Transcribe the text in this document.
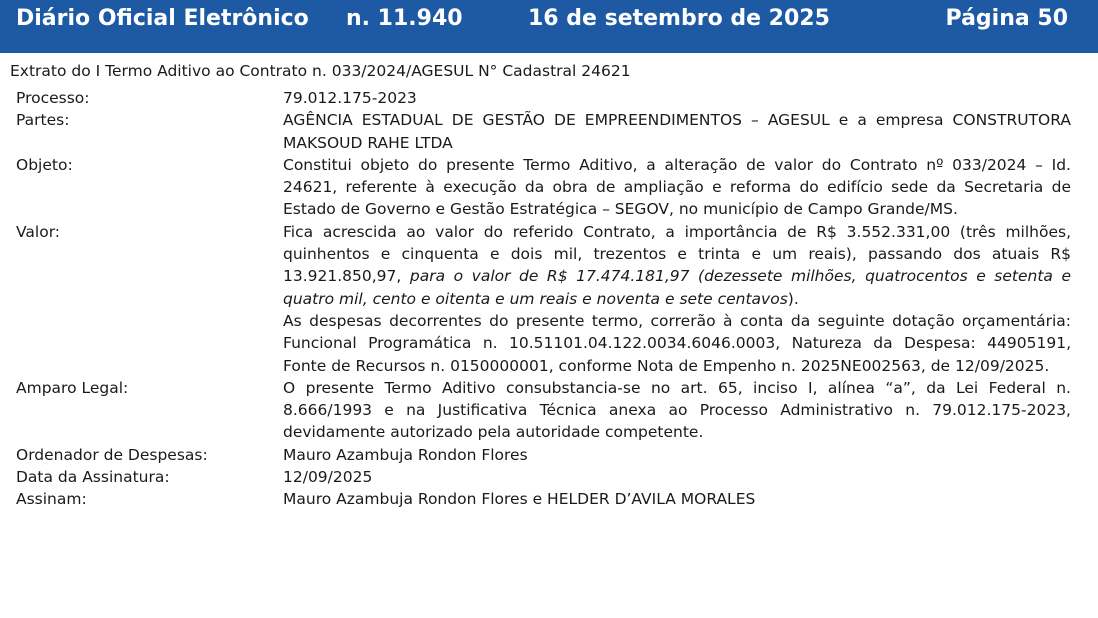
Diário Oficial Eletrônico n. 11.940	16 de setembro de 2025	Página 50
Extrato do I Termo Aditivo ao Contrato n. 033/2024/AGESUL N° Cadastral 24621
Processo:	79.012.175-2023
Partes:	AGÊNCIA ESTADUAL DE GESTÃO DE EMPREENDIMENTOS – AGESUL e a empresa CONSTRUTORA MAKSOUD RAHE LTDA
Objeto:	Constitui objeto do presente Termo Aditivo, a alteração de valor do Contrato nº 033/2024 – Id. 24621, referente à execução da obra de ampliação e reforma do edifício sede da Secretaria de Estado de Governo e Gestão Estratégica – SEGOV, no município de Campo Grande/MS.
Valor:	Fica acrescida ao valor do referido Contrato, a importância de R$ 3.552.331,00 (três milhões, quinhentos e cinquenta e dois mil, trezentos e trinta e um reais), passando dos atuais R$ 13.921.850,97, para o valor de R$ 17.474.181,97 (dezessete milhões, quatrocentos e setenta e quatro mil, cento e oitenta e um reais e noventa e sete centavos).

As despesas decorrentes do presente termo, correrão à conta da seguinte dotação orçamentária: Funcional Programática n. 10.51101.04.122.0034.6046.0003, Natureza da Despesa: 44905191, Fonte de Recursos n. 0150000001, conforme Nota de Empenho n. 2025NE002563, de 12/09/2025.

Amparo Legal:	O presente Termo Aditivo consubstancia-se no art. 65, inciso I, alínea “a”, da Lei Federal n. 8.666/1993 e na Justificativa Técnica anexa ao Processo Administrativo n. 79.012.175-2023, devidamente autorizado pela autoridade competente.
Ordenador de Despesas:	Mauro Azambuja Rondon Flores
Data da Assinatura:	12/09/2025
Assinam:	Mauro Azambuja Rondon Flores e HELDER D’AVILA MORALES
